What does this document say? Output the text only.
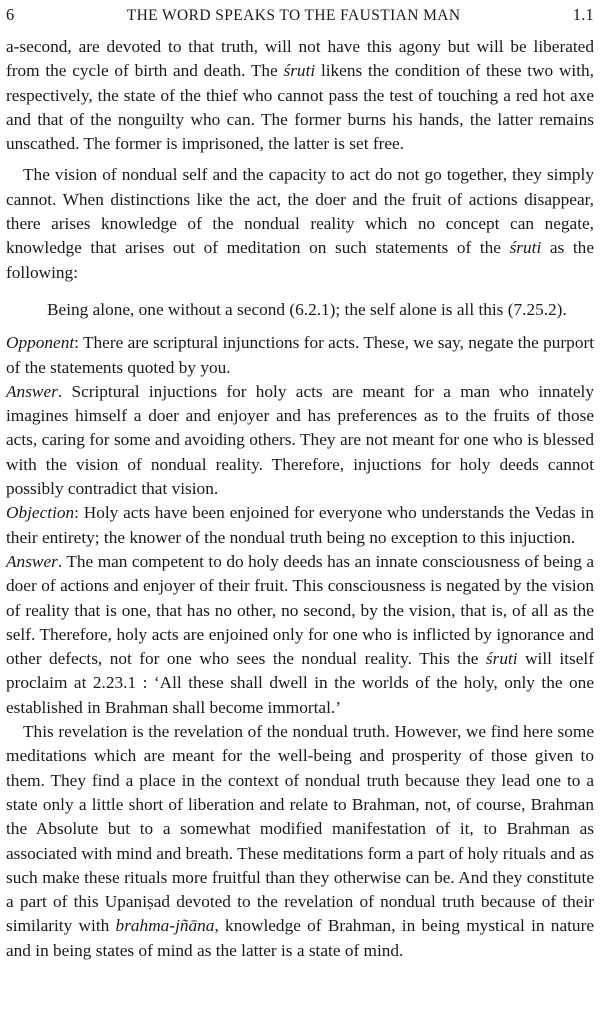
6	THE WORD SPEAKS TO THE FAUSTIAN MAN	1.1

a-second, are devoted to that truth, will not have this agony but will be liberated from the cycle of birth and death. The śruti likens the condition of these two with, respectively, the state of the thief who cannot pass the test of touching a red hot axe and that of the nonguilty who can. The former burns his hands, the latter remains unscathed. The former is imprisoned, the latter is set free.

The vision of nondual self and the capacity to act do not go together, they simply cannot. When distinctions like the act, the doer and the fruit of actions disappear, there arises knowledge of the nondual reality which no concept can negate, knowledge that arises out of meditation on such statements of the śruti as the following:

Being alone, one without a second (6.2.1); the self alone is all this (7.25.2).

Opponent: There are scriptural injunctions for acts. These, we say, negate the purport of the statements quoted by you.

Answer. Scriptural injuctions for holy acts are meant for a man who innately imagines himself a doer and enjoyer and has preferences as to the fruits of those acts, caring for some and avoiding others. They are not meant for one who is blessed with the vision of nondual reality. Therefore, injuctions for holy deeds cannot possibly contradict that vision.

Objection: Holy acts have been enjoined for everyone who understands the Vedas in their entirety; the knower of the nondual truth being no exception to this injuction.

Answer. The man competent to do holy deeds has an innate consciousness of being a doer of actions and enjoyer of their fruit. This consciousness is negated by the vision of reality that is one, that has no other, no second, by the vision, that is, of all as the self. Therefore, holy acts are enjoined only for one who is inflicted by ignorance and other defects, not for one who sees the nondual reality. This the śruti will itself proclaim at 2.23.1 : ‘All these shall dwell in the worlds of the holy, only the one established in Brahman shall become immortal.’

This revelation is the revelation of the nondual truth. However, we find here some meditations which are meant for the well-being and prosperity of those given to them. They find a place in the context of nondual truth because they lead one to a state only a little short of liberation and relate to Brahman, not, of course, Brahman the Absolute but to a somewhat modified manifestation of it, to Brahman as associated with mind and breath. These meditations form a part of holy rituals and as such make these rituals more fruitful than they otherwise can be. And they constitute a part of this Upaniṣad devoted to the revelation of nondual truth because of their similarity with brahma-jñāna, knowledge of Brahman, in being mystical in nature and in being states of mind as the latter is a state of mind.
